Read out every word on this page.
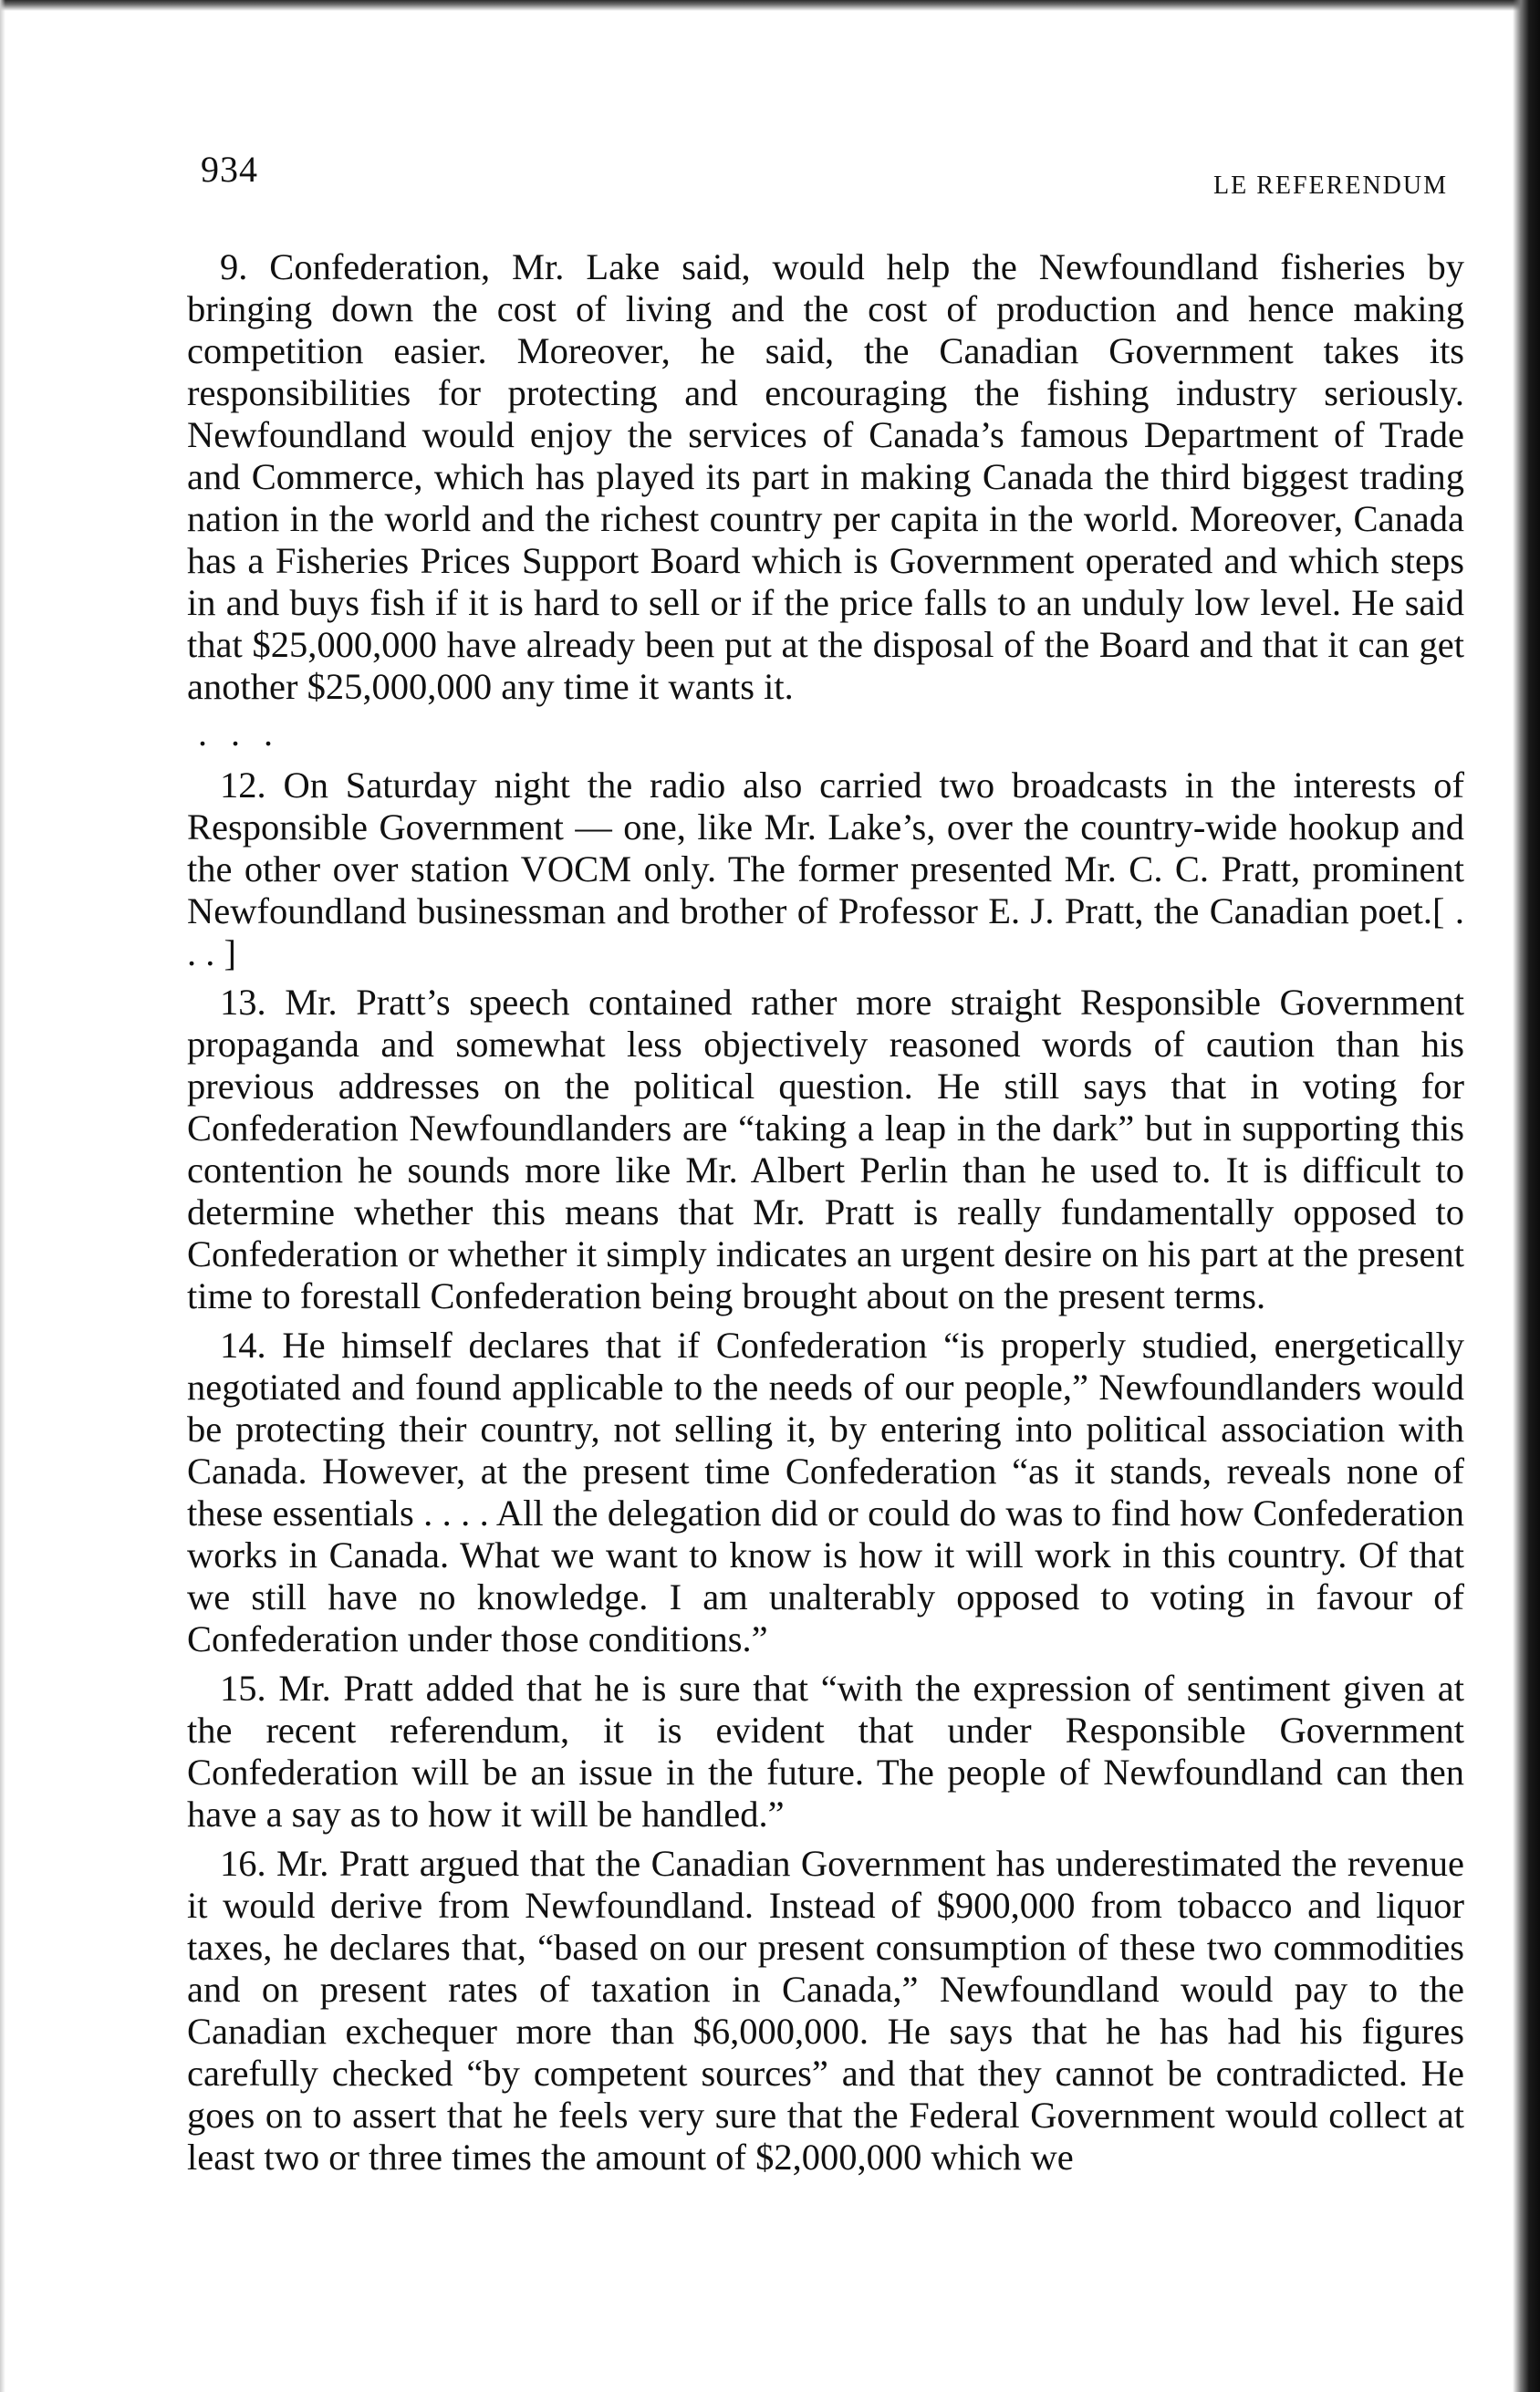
934	LE REFERENDUM

9. Confederation, Mr. Lake said, would help the Newfoundland fisheries by bringing down the cost of living and the cost of production and hence making competition easier. Moreover, he said, the Canadian Government takes its responsibilities for protecting and encouraging the fishing industry seriously. Newfoundland would enjoy the services of Canada’s famous Department of Trade and Commerce, which has played its part in making Canada the third biggest trading nation in the world and the richest country per capita in the world. Moreover, Canada has a Fisheries Prices Support Board which is Government operated and which steps in and buys fish if it is hard to sell or if the price falls to an unduly low level. He said that $25,000,000 have already been put at the disposal of the Board and that it can get another $25,000,000 any time it wants it.

. . .

12. On Saturday night the radio also carried two broadcasts in the interests of Responsible Government — one, like Mr. Lake’s, over the country-wide hookup and the other over station VOCM only. The former presented Mr. C. C. Pratt, prominent Newfoundland businessman and brother of Professor E. J. Pratt, the Canadian poet.[ . . . ]

13. Mr. Pratt’s speech contained rather more straight Responsible Government propaganda and somewhat less objectively reasoned words of caution than his previous addresses on the political question. He still says that in voting for Confederation Newfoundlanders are “taking a leap in the dark” but in supporting this contention he sounds more like Mr. Albert Perlin than he used to. It is difficult to determine whether this means that Mr. Pratt is really fundamentally opposed to Confederation or whether it simply indicates an urgent desire on his part at the present time to forestall Confederation being brought about on the present terms.

14. He himself declares that if Confederation “is properly studied, energetically negotiated and found applicable to the needs of our people,” Newfoundlanders would be protecting their country, not selling it, by entering into political association with Canada. However, at the present time Confederation “as it stands, reveals none of these essentials . . . . All the delegation did or could do was to find how Confederation works in Canada. What we want to know is how it will work in this country. Of that we still have no knowledge. I am unalterably opposed to voting in favour of Confederation under those conditions.”

15. Mr. Pratt added that he is sure that “with the expression of sentiment given at the recent referendum, it is evident that under Responsible Government Confederation will be an issue in the future. The people of Newfoundland can then have a say as to how it will be handled.”

16. Mr. Pratt argued that the Canadian Government has underestimated the revenue it would derive from Newfoundland. Instead of $900,000 from tobacco and liquor taxes, he declares that, “based on our present consumption of these two commodities and on present rates of taxation in Canada,” Newfoundland would pay to the Canadian exchequer more than $6,000,000. He says that he has had his figures carefully checked “by competent sources” and that they cannot be contradicted. He goes on to assert that he feels very sure that the Federal Government would collect at least two or three times the amount of $2,000,000 which we
